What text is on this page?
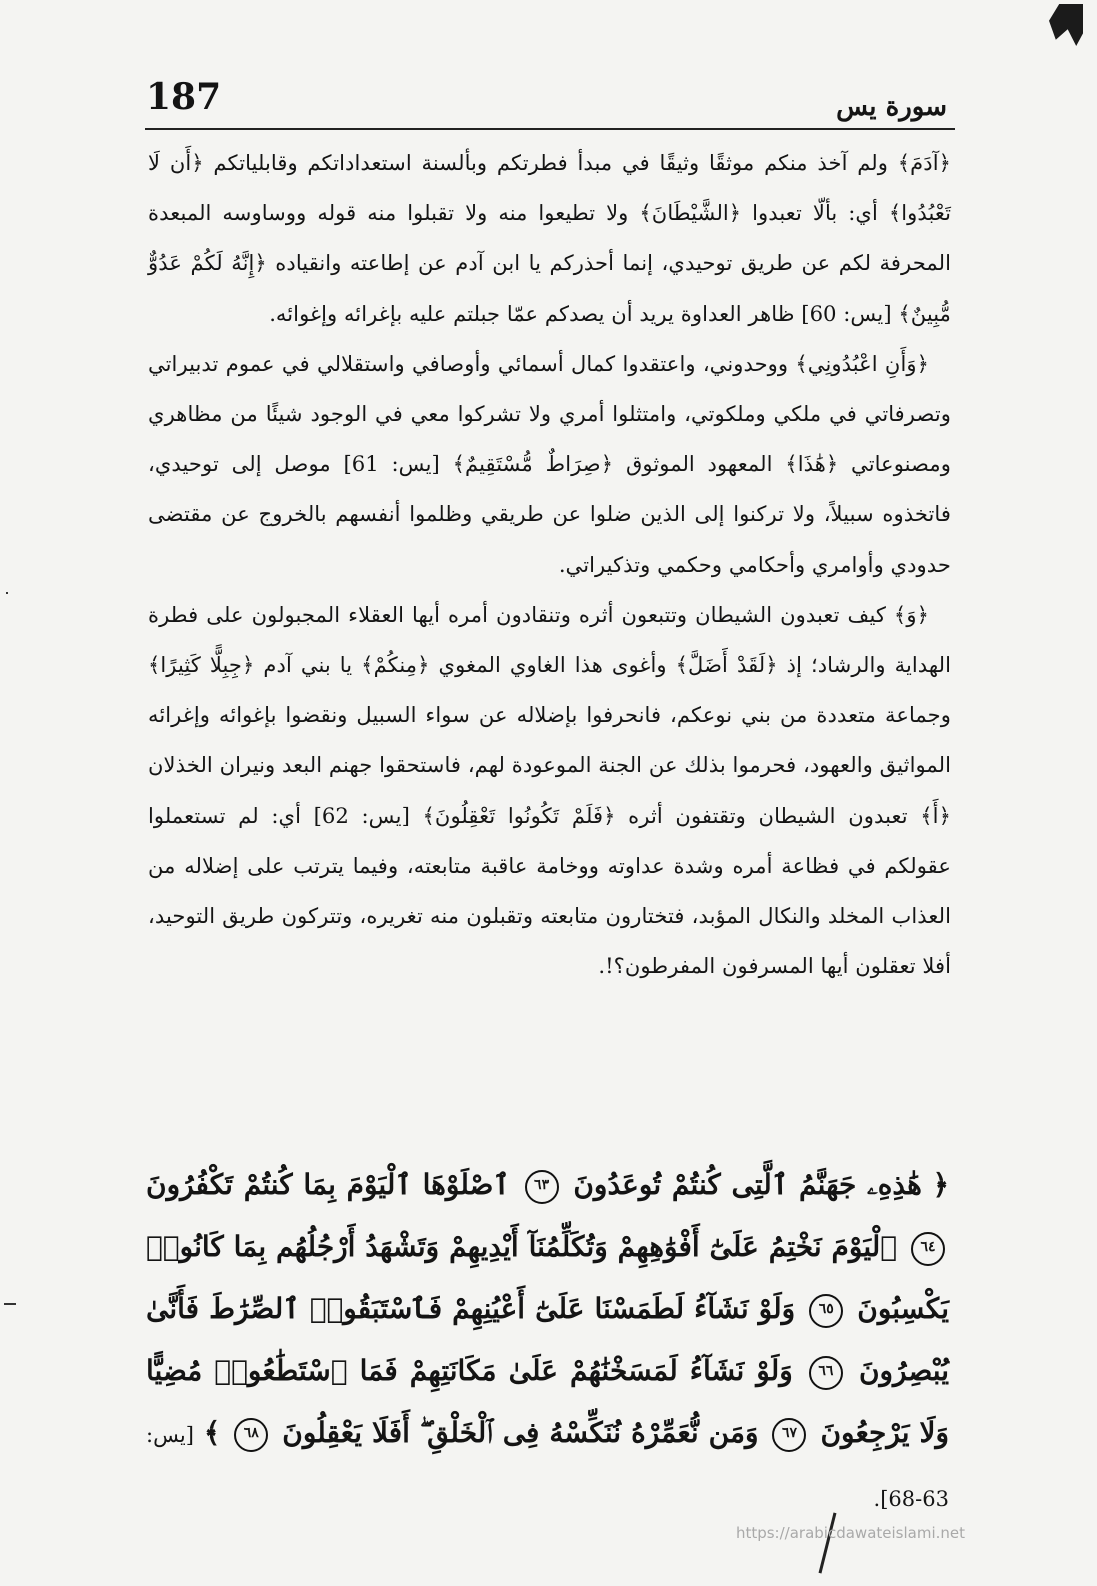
187	سورة يس

﴿آدَمَ﴾ ولم آخذ منكم موثقًا وثيقًا في مبدأ فطرتكم وبألسنة استعداداتكم وقابلياتكم ﴿أَن لَا تَعْبُدُوا﴾ أي: بألّا تعبدوا ﴿الشَّيْطَانَ﴾ ولا تطيعوا منه ولا تقبلوا منه قوله ووساوسه المبعدة المحرفة لكم عن طريق توحيدي، إنما أحذركم يا ابن آدم عن إطاعته وانقياده ﴿إِنَّهُ لَكُمْ عَدُوٌّ مُّبِينٌ﴾ [يس: 60] ظاهر العداوة يريد أن يصدكم عمّا جبلتم عليه بإغرائه وإغوائه.

﴿وَأَنِ اعْبُدُونِي﴾ ووحدوني، واعتقدوا كمال أسمائي وأوصافي واستقلالي في عموم تدبيراتي وتصرفاتي في ملكي وملكوتي، وامتثلوا أمري ولا تشركوا معي في الوجود شيئًا من مظاهري ومصنوعاتي ﴿هَٰذَا﴾ المعهود الموثوق ﴿صِرَاطٌ مُّسْتَقِيمٌ﴾ [يس: 61] موصل إلى توحيدي، فاتخذوه سبيلاً، ولا تركنوا إلى الذين ضلوا عن طريقي وظلموا أنفسهم بالخروج عن مقتضى حدودي وأوامري وأحكامي وحكمي وتذكيراتي.

﴿وَ﴾ كيف تعبدون الشيطان وتتبعون أثره وتنقادون أمره أيها العقلاء المجبولون على فطرة الهداية والرشاد؛ إذ ﴿لَقَدْ أَضَلَّ﴾ وأغوى هذا الغاوي المغوي ﴿مِنكُمْ﴾ يا بني آدم ﴿جِبِلًّا كَثِيرًا﴾ وجماعة متعددة من بني نوعكم، فانحرفوا بإضلاله عن سواء السبيل ونقضوا بإغوائه وإغرائه المواثيق والعهود، فحرموا بذلك عن الجنة الموعودة لهم، فاستحقوا جهنم البعد ونيران الخذلان ﴿أَ﴾ تعبدون الشيطان وتقتفون أثره ﴿فَلَمْ تَكُونُوا تَعْقِلُونَ﴾ [يس: 62] أي: لم تستعملوا عقولكم في فظاعة أمره وشدة عداوته ووخامة عاقبة متابعته، وفيما يترتب على إضلاله من العذاب المخلد والنكال المؤبد، فتختارون متابعته وتقبلون منه تغريره، وتتركون طريق التوحيد، أفلا تعقلون أيها المسرفون المفرطون؟!.

﴿ هَٰذِهِۦ جَهَنَّمُ ٱلَّتِى كُنتُمْ تُوعَدُونَ ٦٣ ٱصْلَوْهَا ٱلْيَوْمَ بِمَا كُنتُمْ تَكْفُرُونَ ٦٤ ٱلْيَوْمَ نَخْتِمُ عَلَىٰٓ أَفْوَٰهِهِمْ وَتُكَلِّمُنَآ أَيْدِيهِمْ وَتَشْهَدُ أَرْجُلُهُم بِمَا كَانُوا۟ يَكْسِبُونَ ٦٥ وَلَوْ نَشَآءُ لَطَمَسْنَا عَلَىٰٓ أَعْيُنِهِمْ فَٱسْتَبَقُوا۟ ٱلصِّرَٰطَ فَأَنَّىٰ يُبْصِرُونَ ٦٦ وَلَوْ نَشَآءُ لَمَسَخْنَٰهُمْ عَلَىٰ مَكَانَتِهِمْ فَمَا ٱسْتَطَٰعُوا۟ مُضِيًّا وَلَا يَرْجِعُونَ ٦٧ وَمَن نُّعَمِّرْهُ نُنَكِّسْهُ فِى ٱلْخَلْقِ ۖ أَفَلَا يَعْقِلُونَ ٦٨ ﴾ [يس: 63-68].
https://arabicdawateislami.net
